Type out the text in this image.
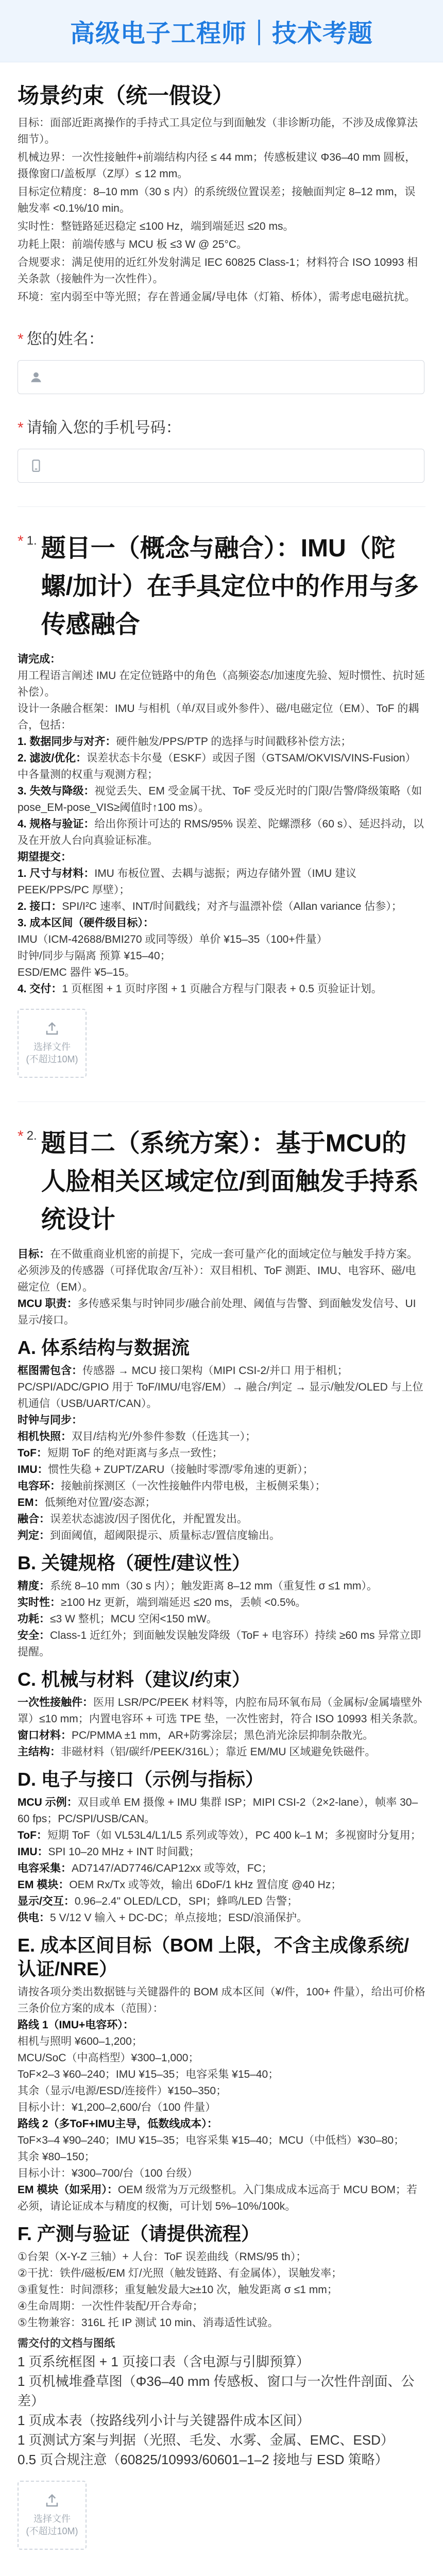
高级电子工程师｜技术考题
场景约束（统一假设）

目标：面部近距离操作的手持式工具定位与到面触发（非诊断功能，不涉及成像算法细节）。

机械边界：一次性接触件+前端结构内径 ≤ 44 mm；传感板建议 Φ36–40 mm 圆板，摄像窗口/盖板厚（Z厚）≤ 12 mm。

目标定位精度：8–10 mm（30 s 内）的系统级位置误差；接触面判定 8–12 mm，误触发率 <0.1%/10 min。

实时性：整链路延迟稳定 ≤100 Hz，端到端延迟 ≤20 ms。

功耗上限：前端传感与 MCU 板 ≤3 W @ 25°C。

合规要求：满足使用的近红外发射满足 IEC 60825 Class-1；材料符合 ISO 10993 相关条款（接触件为一次性件）。

环境：室内弱至中等光照；存在普通金属/导电体（灯箱、桥体），需考虑电磁抗扰。

* 您的姓名：
* 请输入您的手机号码：
* 1. 题目一（概念与融合）：IMU（陀螺/加计）在手具定位中的作用与多传感融合

请完成：

用工程语言阐述 IMU 在定位链路中的角色（高频姿态/加速度先验、短时惯性、抗时延补偿）。

设计一条融合框架：IMU 与相机（单/双目或外参件）、磁/电磁定位（EM）、ToF 的耦合，包括：

1. 数据同步与对齐：硬件触发/PPS/PTP 的选择与时间戳移补偿方法；

2. 滤波/优化：误差状态卡尔曼（ESKF）或因子图（GTSAM/OKVIS/VINS-Fusion）中各量测的权重与观测方程；

3. 失效与降级：视觉丢失、EM 受金属干扰、ToF 受反光时的门限/告警/降级策略（如 pose_EM-pose_VIS≥阈值时↑100 ms）。

4. 规格与验证：给出你预计可达的 RMS/95% 误差、陀螺漂移（60 s）、延迟抖动，以及在开放人台向真验证标准。

期望提交：

1. 尺寸与材料：IMU 布板位置、去耦与滤振；两边存储外置（IMU 建议 PEEK/PPS/PC 厚壁）；

2. 接口：SPI/I²C 速率、INT/时间戳线；对齐与温漂补偿（Allan variance 估参）；

3. 成本区间（硬件级目标）：

IMU（ICM-42688/BMI270 或同等级）单价 ¥15–35（100+件量）

时钟/同步与隔离 预算 ¥15–40；

ESD/EMC 器件 ¥5–15。

4. 交付：1 页框图 + 1 页时序图 + 1 页融合方程与门限表 + 0.5 页验证计划。

选择文件
(不超过10M)
* 2. 题目二（系统方案）：基于MCU的人脸相关区域定位/到面触发手持系统设计

目标：在不做重商业机密的前提下，完成一套可量产化的面域定位与触发手持方案。

必须涉及的传感器（可择优取舍/互补）：双目相机、ToF 测距、IMU、电容环、磁/电磁定位（EM）。

MCU 职责：多传感采集与时钟同步/融合前处理、阈值与告警、到面触发发信号、UI 显示/接口。

A. 体系结构与数据流

框图需包含：传感器 → MCU 接口架构（MIPI CSI-2/并口 用于相机；PC/SPI/ADC/GPIO 用于 ToF/IMU/电容/EM）→ 融合/判定 → 显示/触发/OLED 与上位机通信（USB/UART/CAN）。

时钟与同步：

相机快照：双目/结构光/外参件参数（任选其一）；

ToF：短期 ToF 的绝对距离与多点一致性；

IMU：惯性失稳 + ZUPT/ZARU（接触时零漂/零角速的更新）；

电容环：接触前探测区（一次性接触件内带电极，主板侧采集）；

EM：低频绝对位置/姿态源；

融合：误差状态滤波/因子图优化，并配置发出。

判定：到面阈值，超阈限提示、质量标志/置信度输出。

B. 关键规格（硬性/建议性）

精度：系统 8–10 mm（30 s 内）；触发距离 8–12 mm（重复性 σ ≤1 mm）。

实时性：≥100 Hz 更新，端到端延迟 ≤20 ms，丢帧 <0.5%。

功耗：≤3 W 整机；MCU 空闲<150 mW。

安全：Class-1 近红外；到面触发误触发降级（ToF + 电容环）持续 ≥60 ms 异常立即提醒。

C. 机械与材料（建议/约束）

一次性接触件：医用 LSR/PC/PEEK 材料等，内腔布局环氧布局（金属标/金属墙壁外罩）≤10 mm；内置电容环 + 可选 TPE 垫，一次性密封，符合 ISO 10993 相关条款。

窗口材料：PC/PMMA ±1 mm，AR+防雾涂层；黑色消光涂层抑制杂散光。

主结构：非磁材料（铝/碳纤/PEEK/316L）；靠近 EM/MU 区域避免铁磁件。

D. 电子与接口（示例与指标）

MCU 示例：双目或单 EM 摄像 + IMU 集群 ISP；MIPI CSI-2（2×2-lane），帧率 30–60 fps；PC/SPI/USB/CAN。

ToF：短期 ToF（如 VL53L4/L1/L5 系列或等效），PC 400 k–1 M；多视窗时分复用；

IMU：SPI 10–20 MHz + INT 时间戳；

电容采集：AD7147/AD7746/CAP12xx 或等效，FC；

EM 模块：OEM Rx/Tx 或等效，输出 6DoF/1 kHz 置信度 @40 Hz；

显示/交互：0.96–2.4" OLED/LCD，SPI；蜂鸣/LED 告警；

供电：5 V/12 V 输入 + DC-DC；单点接地；ESD/浪涌保护。

E. 成本区间目标（BOM 上限，不含主成像系统/认证/NRE）

请按各项分类出数据链与关键器件的 BOM 成本区间（¥/件，100+ 件量），给出可价格三条价位方案的成本（范围）：

路线 1（IMU+电容环）：

相机与照明 ¥600–1,200；

MCU/SoC（中高档型）¥300–1,000；

ToF×2–3 ¥60–240；IMU ¥15–35；电容采集 ¥15–40；

其余（显示/电源/ESD/连接件）¥150–350；

目标小计：¥1,200–2,600/台（100 件量）

路线 2（多ToF+IMU主导，低数线成本）：

ToF×3–4 ¥90–240；IMU ¥15–35；电容采集 ¥15–40；MCU（中低档）¥30–80；

其余 ¥80–150；

目标小计：¥300–700/台（100 台级）

EM 模块（如采用）：OEM 级常为万元级整机。入门集成成本远高于 MCU BOM；若必须，请论证成本与精度的权衡，可计划 5%–10%/100k。

F. 产测与验证（请提供流程）

①台架（X-Y-Z 三轴）+ 人台：ToF 误差曲线（RMS/95 th）；

②干扰：铁件/磁板/EM 灯/光照（触发链路、有金属体），误触发率；

③重复性：时间漂移；重复触发最大≥±10 次，触发距离 σ ≤1 mm；

④生命周期：一次性件装配/开合寿命；

⑤生物兼容：316L 托 IP 测试 10 min、消毒适性试验。

需交付的文档与图纸

1 页系统框图 + 1 页接口表（含电源与引脚预算）

1 页机械堆叠草图（Φ36–40 mm 传感板、窗口与一次性件剖面、公差）

1 页成本表（按路线列小计与关键器件成本区间）

1 页测试方案与判据（光照、毛发、水雾、金属、EMC、ESD）

0.5 页合规注意（60825/10993/60601–1–2 接地与 ESD 策略）

选择文件
(不超过10M)
